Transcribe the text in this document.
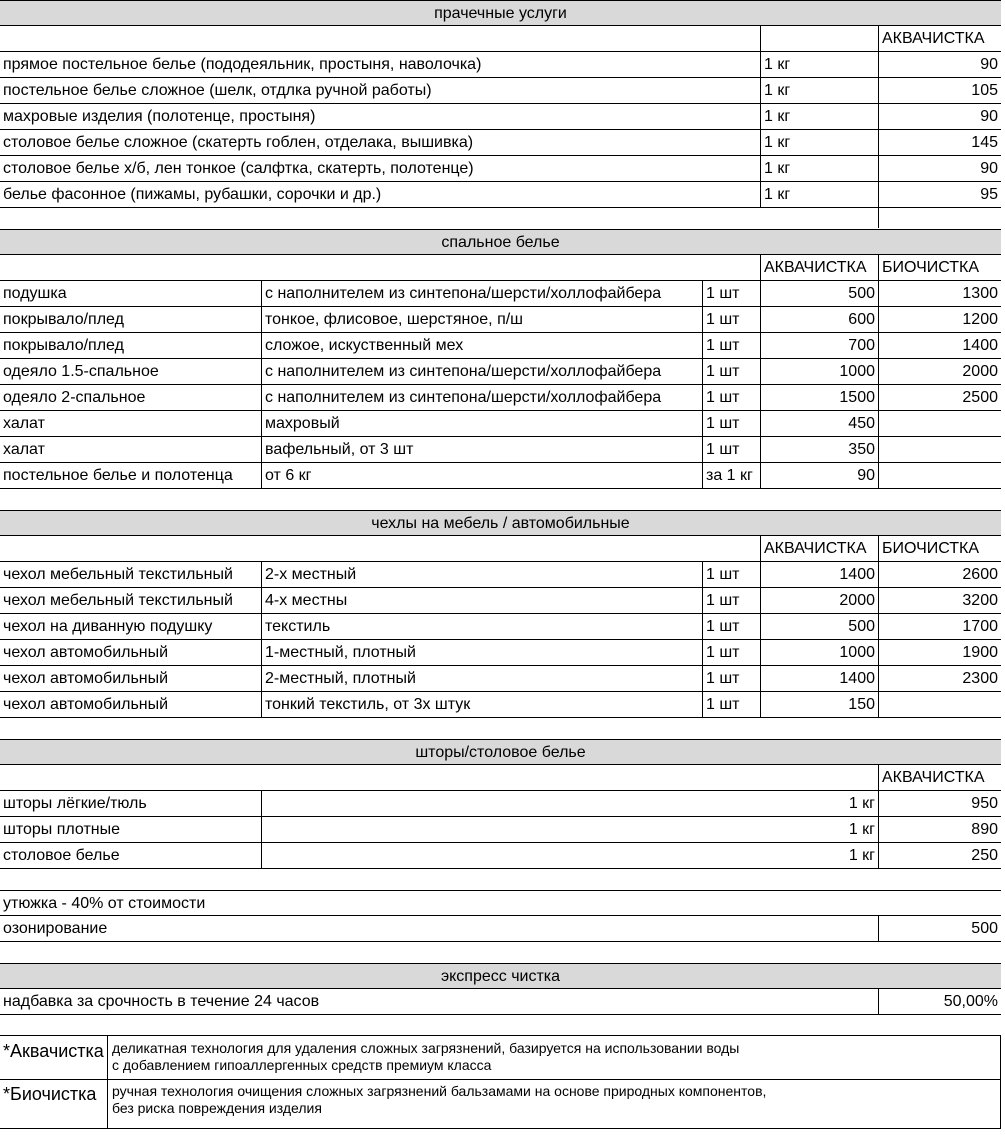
прачечные услуги
АКВАЧИСТКА
прямое постельное белье (пододеяльник, простыня, наволочка)	1 кг	90
постельное белье сложное (шелк, отдлка ручной работы)	1 кг	105
махровые изделия (полотенце, простыня)	1 кг	90
столовое белье сложное (скатерть гоблен, отделака, вышивка)	1 кг	145
столовое белье х/б, лен тонкое (салфтка, скатерть, полотенце)	1 кг	90
белье фасонное (пижамы, рубашки, сорочки и др.)	1 кг	95
спальное белье
АКВАЧИСТКА БИОЧИСТКА
подушка	с наполнителем из синтепона/шерсти/холлофайбера	1 шт	500	1300
покрывало/плед	тонкое, флисовое, шерстяное, п/ш	1 шт	600	1200
покрывало/плед	сложое, искуственный мех	1 шт	700	1400
одеяло 1.5-спальное	с наполнителем из синтепона/шерсти/холлофайбера	1 шт	1000	2000
одеяло 2-спальное	с наполнителем из синтепона/шерсти/холлофайбера	1 шт	1500	2500
халат	махровый	1 шт	450
халат	вафельный, от 3 шт	1 шт	350
постельное белье и полотенца	от 6 кг	за 1 кг	90
чехлы на мебель / автомобильные
АКВАЧИСТКА БИОЧИСТКА
чехол мебельный текстильный	2-х местный	1 шт	1400	2600
чехол мебельный текстильный	4-х местны	1 шт	2000	3200
чехол на диванную подушку	текстиль	1 шт	500	1700
чехол автомобильный	1-местный, плотный	1 шт	1000	1900
чехол автомобильный	2-местный, плотный	1 шт	1400	2300
чехол автомобильный	тонкий текстиль, от 3х штук	1 шт	150
шторы/столовое белье
АКВАЧИСТКА
шторы лёгкие/тюль	1 кг	950
шторы плотные	1 кг	890
столовое белье	1 кг	250
утюжка - 40% от стоимости
озонирование	500
экспресс чистка
надбавка за срочность в течение 24 часов	50,00%
*Аквачистка деликатная технология для удаления сложных загрязнений, базируется на использовании воды
с добавлением гипоаллергенных средств премиум класса
*Биочистка ручная технология очищения сложных загрязнений бальзамами на основе природных компонентов,
без риска повреждения изделия
